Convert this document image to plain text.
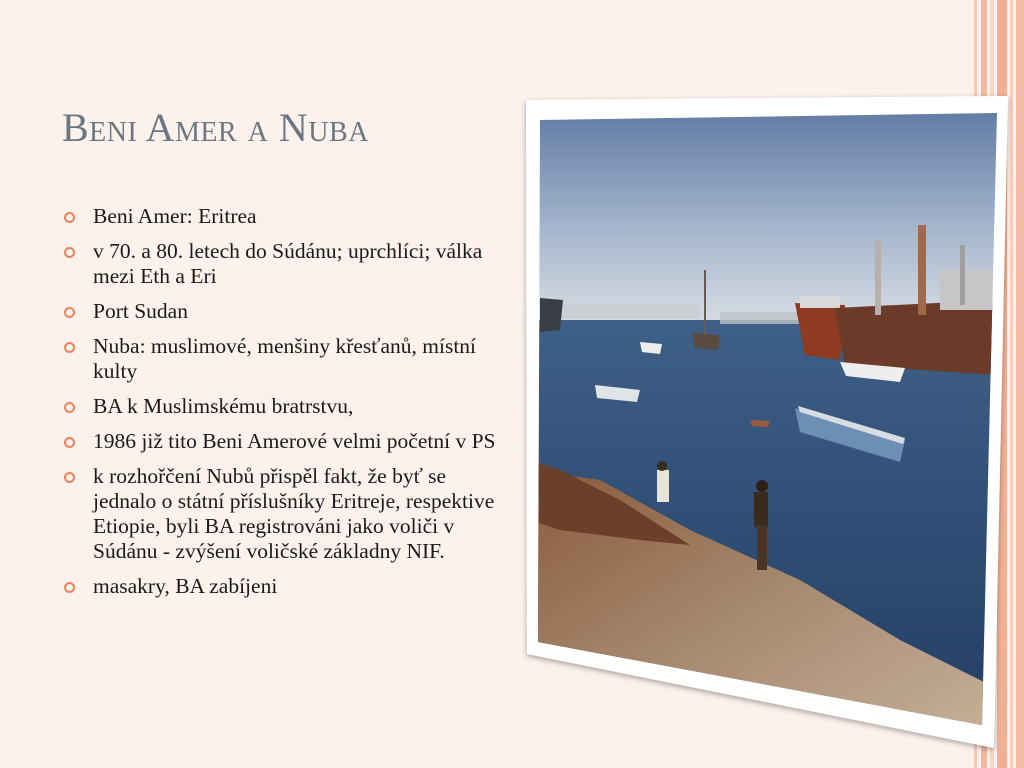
Beni Amer a Nuba
Beni Amer: Eritrea
v 70. a 80. letech do Súdánu; uprchlíci; válka mezi Eth a Eri
Port Sudan
Nuba: muslimové, menšiny křesťanů, místní kulty
BA k Muslimskému bratrstvu,
1986 již tito Beni Amerové velmi početní v PS
k rozhořčení Nubů přispěl fakt, že byť se jednalo o státní příslušníky Eritreje, respektive Etiopie, byli BA registrováni jako voliči v Súdánu - zvýšení voličské základny NIF.
masakry, BA zabíjeni
